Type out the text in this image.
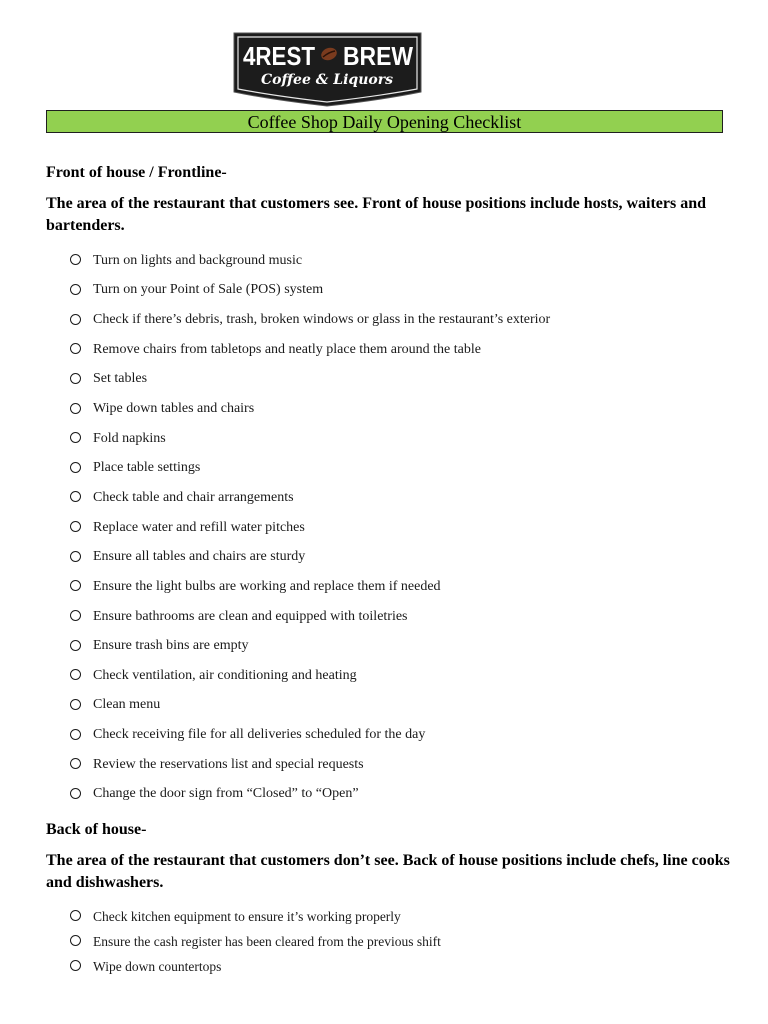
4REST BREW
Coffee & Liquors
Coffee Shop Daily Opening Checklist
Front of house / Frontline-
The area of the restaurant that customers see. Front of house positions include hosts, waiters and bartenders.
Turn on lights and background music
Turn on your Point of Sale (POS) system
Check if there’s debris, trash, broken windows or glass in the restaurant’s exterior
Remove chairs from tabletops and neatly place them around the table
Set tables
Wipe down tables and chairs
Fold napkins
Place table settings
Check table and chair arrangements
Replace water and refill water pitches
Ensure all tables and chairs are sturdy
Ensure the light bulbs are working and replace them if needed
Ensure bathrooms are clean and equipped with toiletries
Ensure trash bins are empty
Check ventilation, air conditioning and heating
Clean menu
Check receiving file for all deliveries scheduled for the day
Review the reservations list and special requests
Change the door sign from “Closed” to “Open”
Back of house-
The area of the restaurant that customers don’t see. Back of house positions include chefs, line cooks and dishwashers.
Check kitchen equipment to ensure it’s working properly
Ensure the cash register has been cleared from the previous shift
Wipe down countertops
